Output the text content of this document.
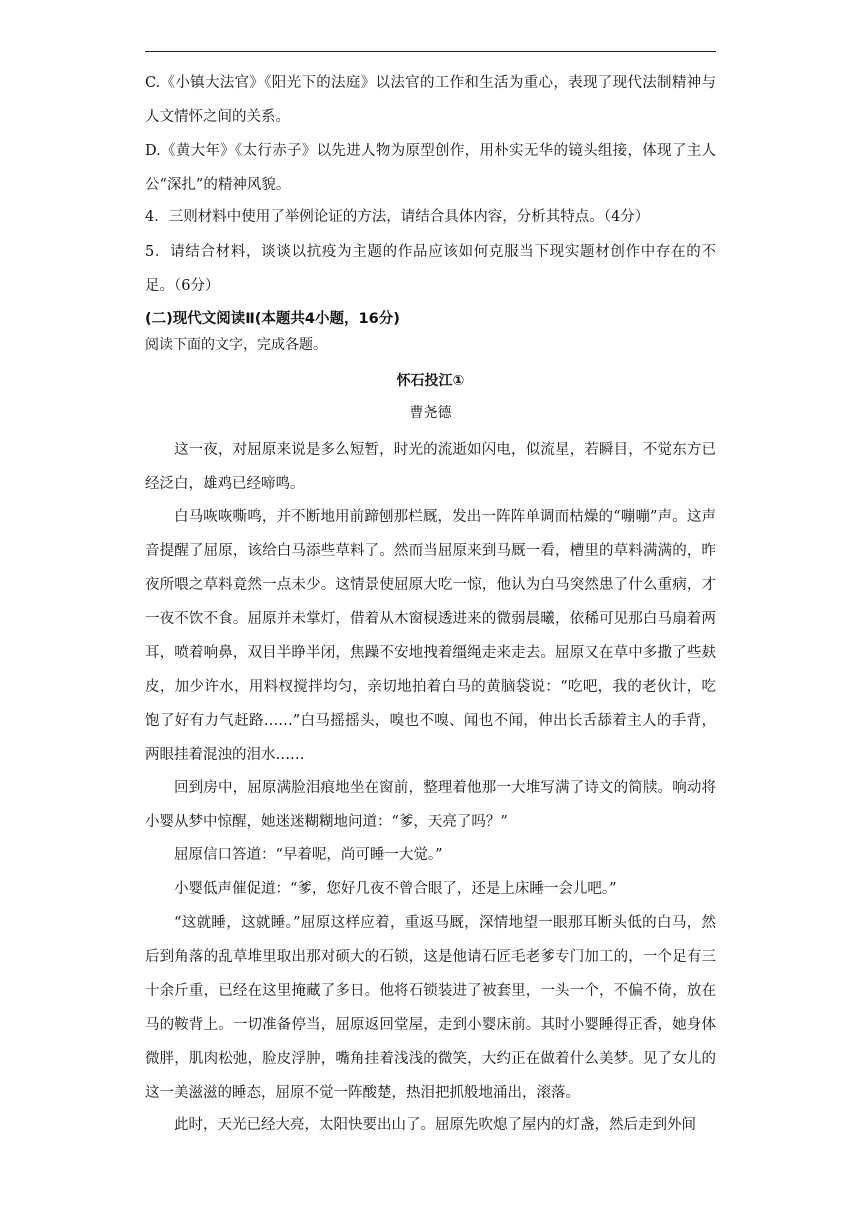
C.《小镇大法官》《阳光下的法庭》以法官的工作和生活为重心，表现了现代法制精神与人文情怀之间的关系。

D.《黄大年》《太行赤子》以先进人物为原型创作，用朴实无华的镜头组接，体现了主人公“深扎”的精神风貌。

4．三则材料中使用了举例论证的方法，请结合具体内容，分析其特点。（4分）

5．请结合材料，谈谈以抗疫为主题的作品应该如何克服当下现实题材创作中存在的不足。（6分）

(二)现代文阅读Ⅱ(本题共4小题，16分)
阅读下面的文字，完成各题。
怀石投江①
曹尧德

这一夜，对屈原来说是多么短暂，时光的流逝如闪电，似流星，若瞬目，不觉东方已经泛白，雄鸡已经啼鸣。

白马咴咴嘶鸣，并不断地用前蹄刨那栏厩，发出一阵阵单调而枯燥的“嘣嘣”声。这声音提醒了屈原，该给白马添些草料了。然而当屈原来到马厩一看，槽里的草料满满的，昨夜所喂之草料竟然一点未少。这情景使屈原大吃一惊，他认为白马突然患了什么重病，才一夜不饮不食。屈原并未掌灯，借着从木窗棂透进来的微弱晨曦，依稀可见那白马扇着两耳，喷着响鼻，双目半睁半闭，焦躁不安地拽着缰绳走来走去。屈原又在草中多撒了些麸皮，加少许水，用料杈搅拌均匀，亲切地拍着白马的黄脑袋说：“吃吧，我的老伙计，吃饱了好有力气赶路……”白马摇摇头，嗅也不嗅、闻也不闻，伸出长舌舔着主人的手背，两眼挂着混浊的泪水……

回到房中，屈原满脸泪痕地坐在窗前，整理着他那一大堆写满了诗文的简牍。响动将小婴从梦中惊醒，她迷迷糊糊地问道：“爹，天亮了吗？”

屈原信口答道：“早着呢，尚可睡一大觉。”

小婴低声催促道：“爹，您好几夜不曾合眼了，还是上床睡一会儿吧。”

“这就睡，这就睡。”屈原这样应着，重返马厩，深情地望一眼那耳断头低的白马，然后到角落的乱草堆里取出那对硕大的石锁，这是他请石匠毛老爹专门加工的，一个足有三十余斤重，已经在这里掩藏了多日。他将石锁装进了被套里，一头一个，不偏不倚，放在马的鞍背上。一切准备停当，屈原返回堂屋，走到小婴床前。其时小婴睡得正香，她身体微胖，肌肉松弛，脸皮浮肿，嘴角挂着浅浅的微笑，大约正在做着什么美梦。见了女儿的这一美滋滋的睡态，屈原不觉一阵酸楚，热泪把抓般地涌出，滚落。

此时，天光已经大亮，太阳快要出山了。屈原先吹熄了屋内的灯盏，然后走到外间
